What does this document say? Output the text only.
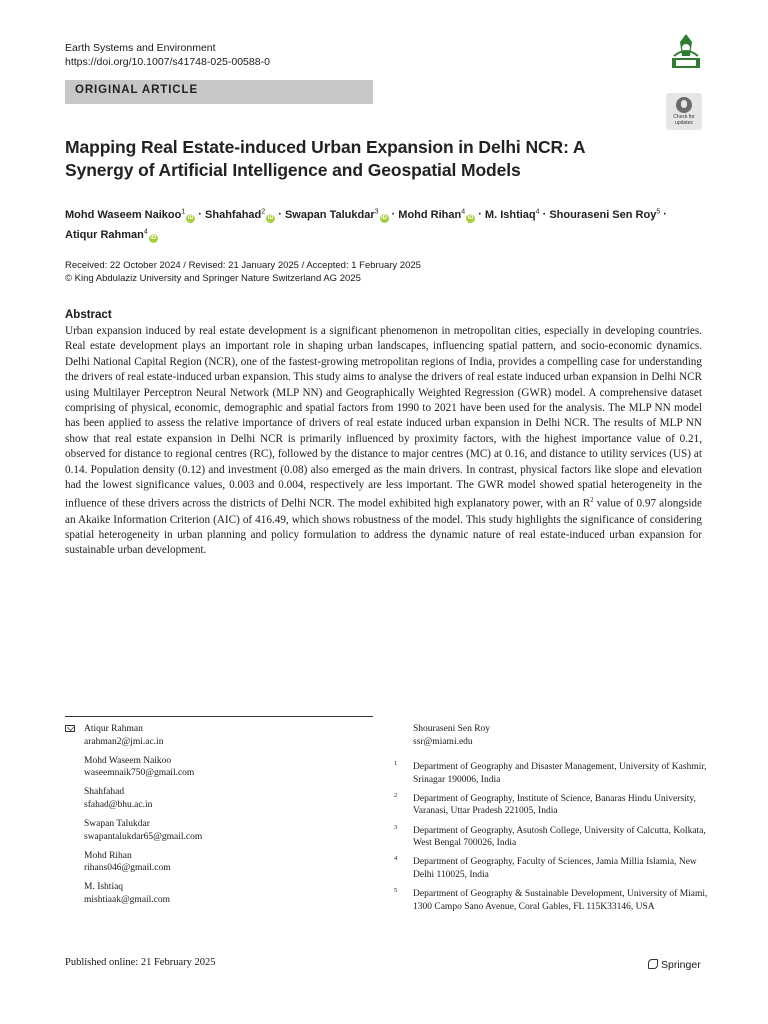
Earth Systems and Environment
https://doi.org/10.1007/s41748-025-00588-0
ORIGINAL ARTICLE
Check for
updates
Mapping Real Estate-induced Urban Expansion in Delhi NCR: A Synergy of Artificial Intelligence and Geospatial Models
Mohd Waseem Naikoo$^1$iD · Shahfahad$^2$iD · Swapan Talukdar$^3$iD · Mohd Rihan$^4$iD · M. Ishtiaq$^4$ · Shouraseni Sen Roy$^5$ ·
Atiqur Rahman$^4$iD
Received: 22 October 2024 / Revised: 21 January 2025 / Accepted: 1 February 2025
© King Abdulaziz University and Springer Nature Switzerland AG 2025
Abstract
Urban expansion induced by real estate development is a significant phenomenon in metropolitan cities, especially in developing countries. Real estate development plays an important role in shaping urban landscapes, influencing spatial pattern, and socio-economic dynamics. Delhi National Capital Region (NCR), one of the fastest-growing metropolitan regions of India, provides a compelling case for understanding the drivers of real estate-induced urban expansion. This study aims to analyse the drivers of real estate induced urban expansion in Delhi NCR using Multilayer Perceptron Neural Network (MLP NN) and Geographically Weighted Regression (GWR) model. A comprehensive dataset comprising of physical, economic, demographic and spatial factors from 1990 to 2021 have been used for the analysis. The MLP NN model has been applied to assess the relative importance of drivers of real estate induced urban expansion in Delhi NCR. The results of MLP NN show that real estate expansion in Delhi NCR is primarily influenced by proximity factors, with the highest importance value of 0.21, observed for distance to regional centres (RC), followed by the distance to major centres (MC) at 0.16, and distance to utility services (US) at 0.14. Population density (0.12) and investment (0.08) also emerged as the main drivers. In contrast, physical factors like slope and elevation had the lowest significance values, 0.003 and 0.004, respectively are less important. The GWR model showed spatial heterogeneity in the influence of these drivers across the districts of Delhi NCR. The model exhibited high explanatory power, with an $R^2$ value of 0.97 alongside an Akaike Information Criterion (AIC) of 416.49, which shows robustness of the model. This study highlights the significance of considering spatial heterogeneity in urban planning and policy formulation to address the dynamic nature of real estate-induced urban expansion for sustainable urban development.
Atiqur Rahman
arahman2@jmi.ac.in
Mohd Waseem Naikoo
waseemnaik750@gmail.com
Shahfahad
sfahad@bhu.ac.in
Swapan Talukdar
swapantalukdar65@gmail.com
Mohd Rihan
rihans046@gmail.com
M. Ishtiaq
mishtiaak@gmail.com
Shouraseni Sen Roy
ssr@miami.edu
1 Department of Geography and Disaster Management, University of Kashmir, Srinagar 190006, India
2 Department of Geography, Institute of Science, Banaras Hindu University, Varanasi, Uttar Pradesh 221005, India
3 Department of Geography, Asutosh College, University of Calcutta, Kolkata, West Bengal 700026, India
4 Department of Geography, Faculty of Sciences, Jamia Millia Islamia, New Delhi 110025, India
5 Department of Geography & Sustainable Development, University of Miami, 1300 Campo Sano Avenue, Coral Gables, FL 115K33146, USA
Published online: 21 February 2025	Springer
